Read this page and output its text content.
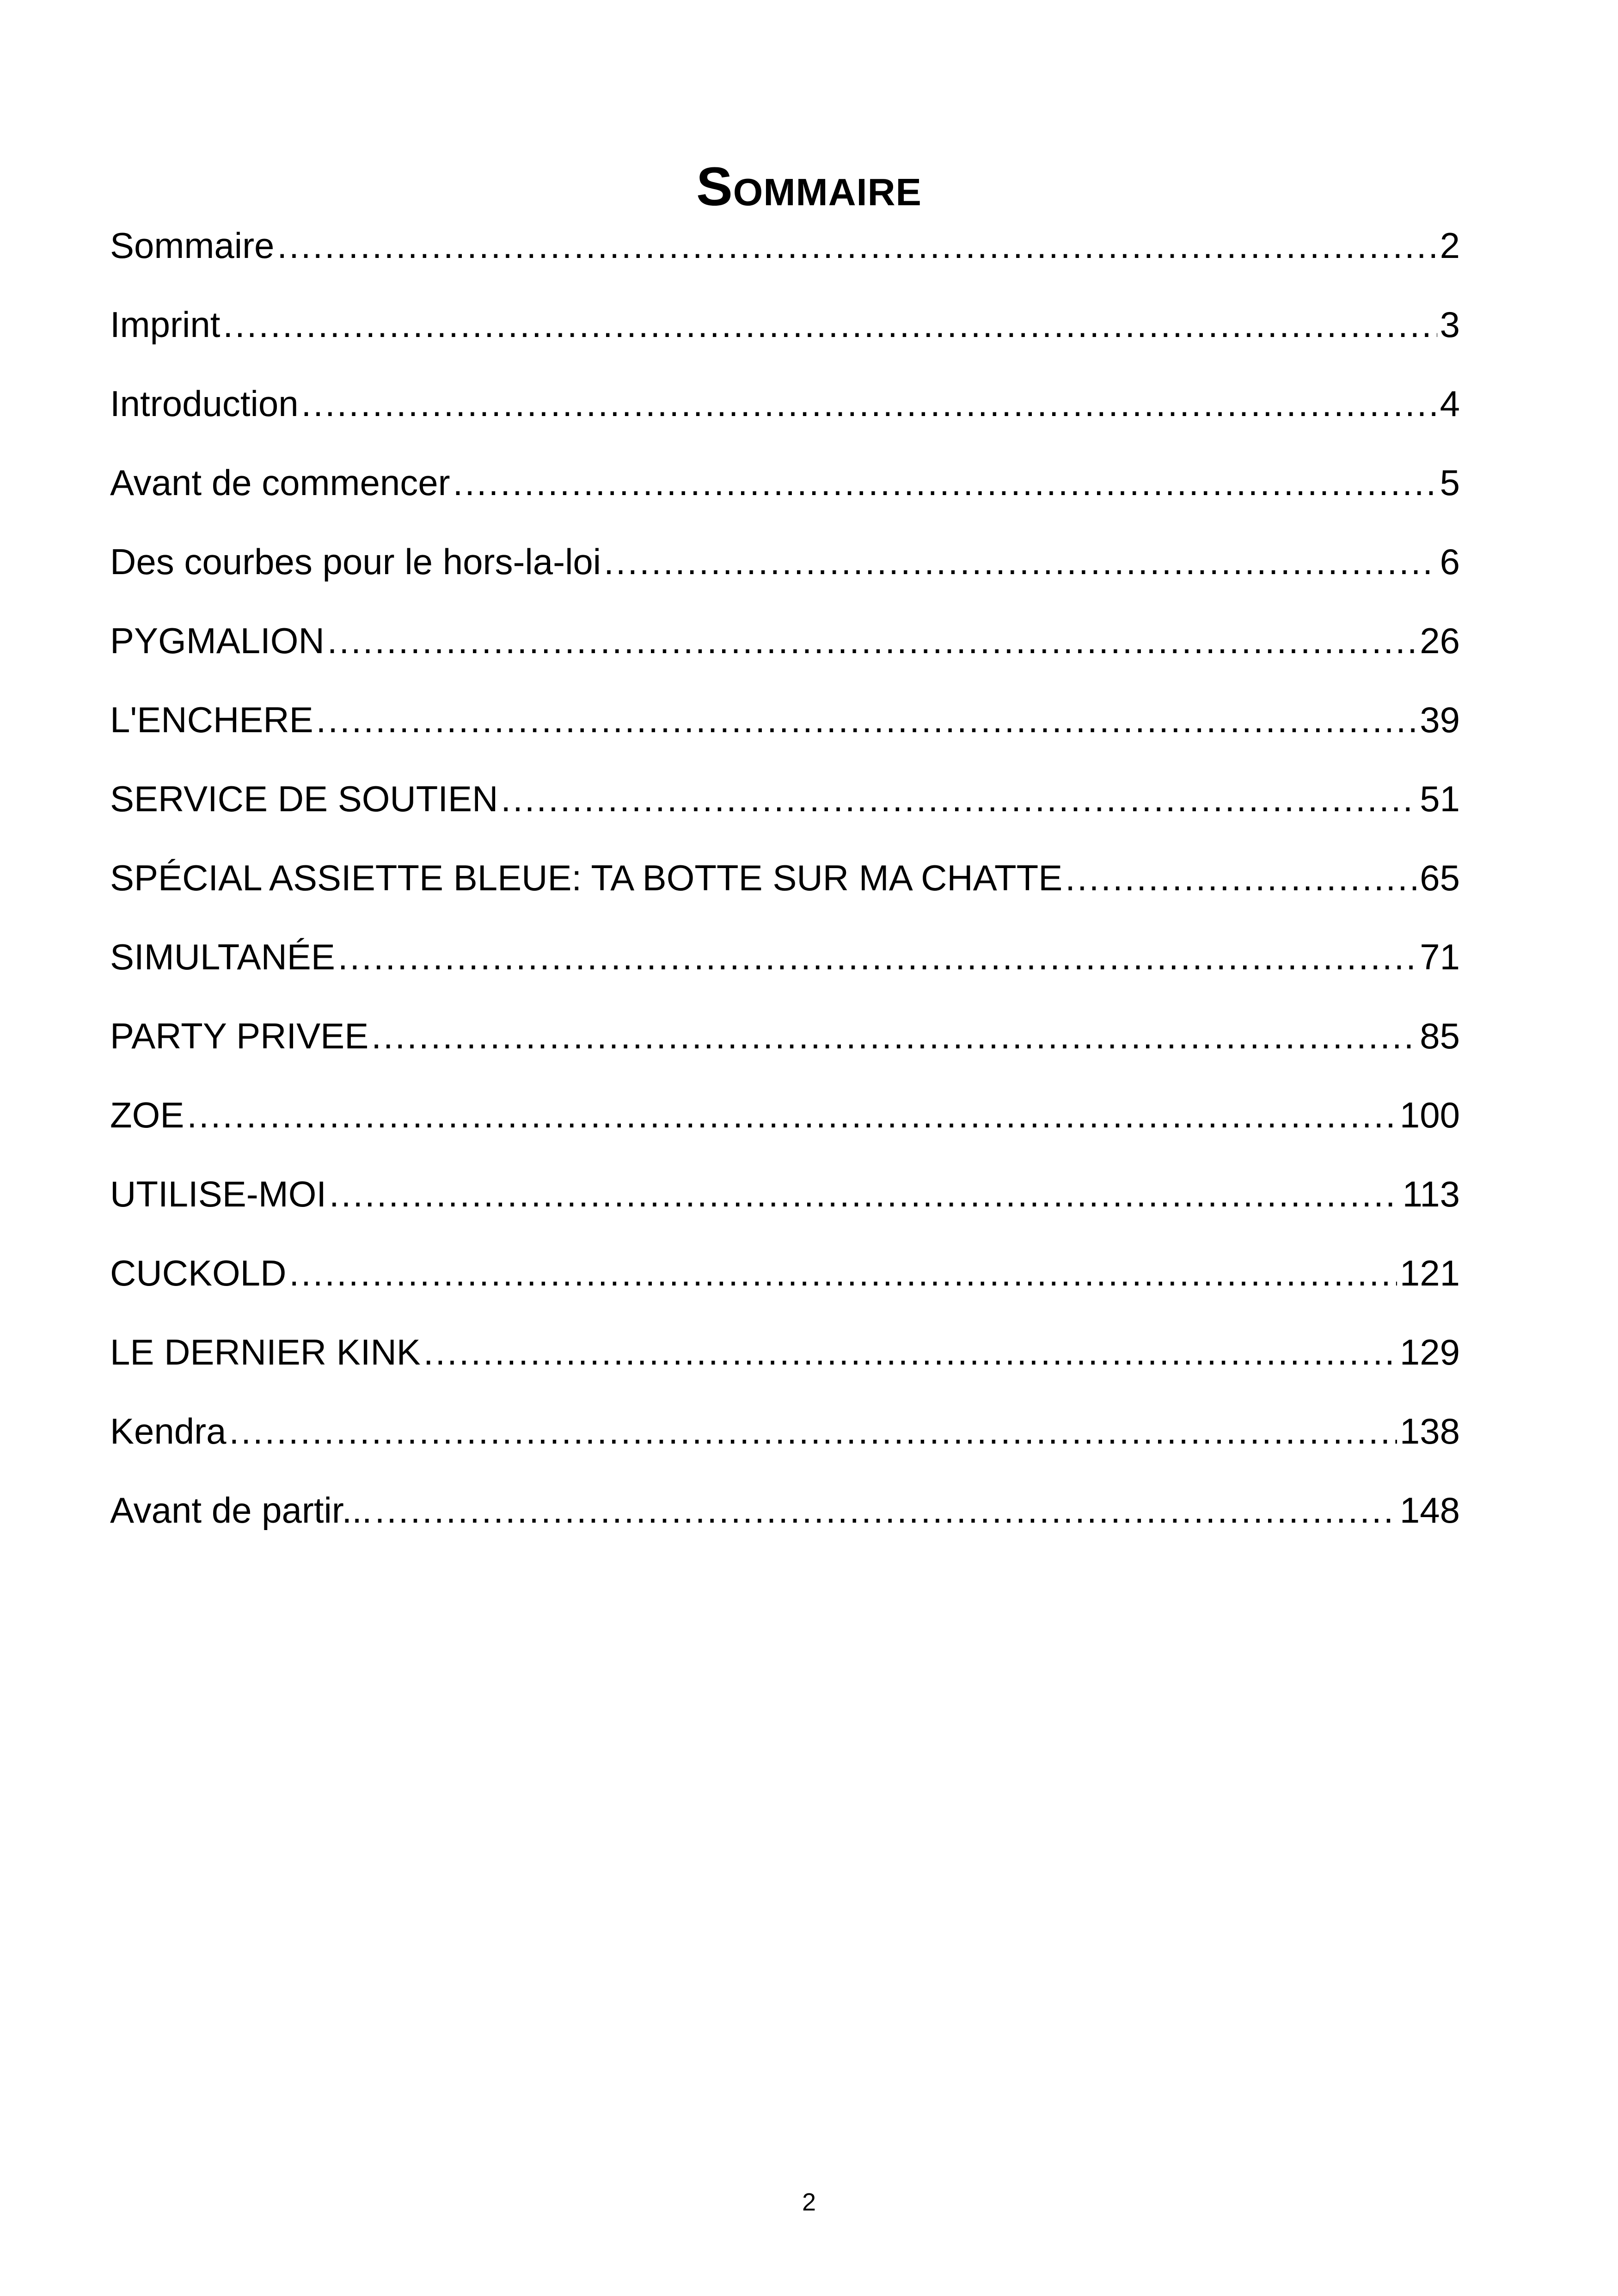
Sommaire
Sommaire .....	2
Imprint .....	3
Introduction .....	4
Avant de commencer .....	5
Des courbes pour le hors-la-loi .....	6
PYGMALION .....	26
L'ENCHERE .....	39
SERVICE DE SOUTIEN .....	51
SPÉCIAL ASSIETTE BLEUE: TA BOTTE SUR MA CHATTE .....	65
SIMULTANÉE .....	71
PARTY PRIVEE .....	85
ZOE .....	100
UTILISE-MOI .....	113
CUCKOLD .....	121
LE DERNIER KINK .....	129
Kendra .....	138
Avant de partir... .....	148
2
